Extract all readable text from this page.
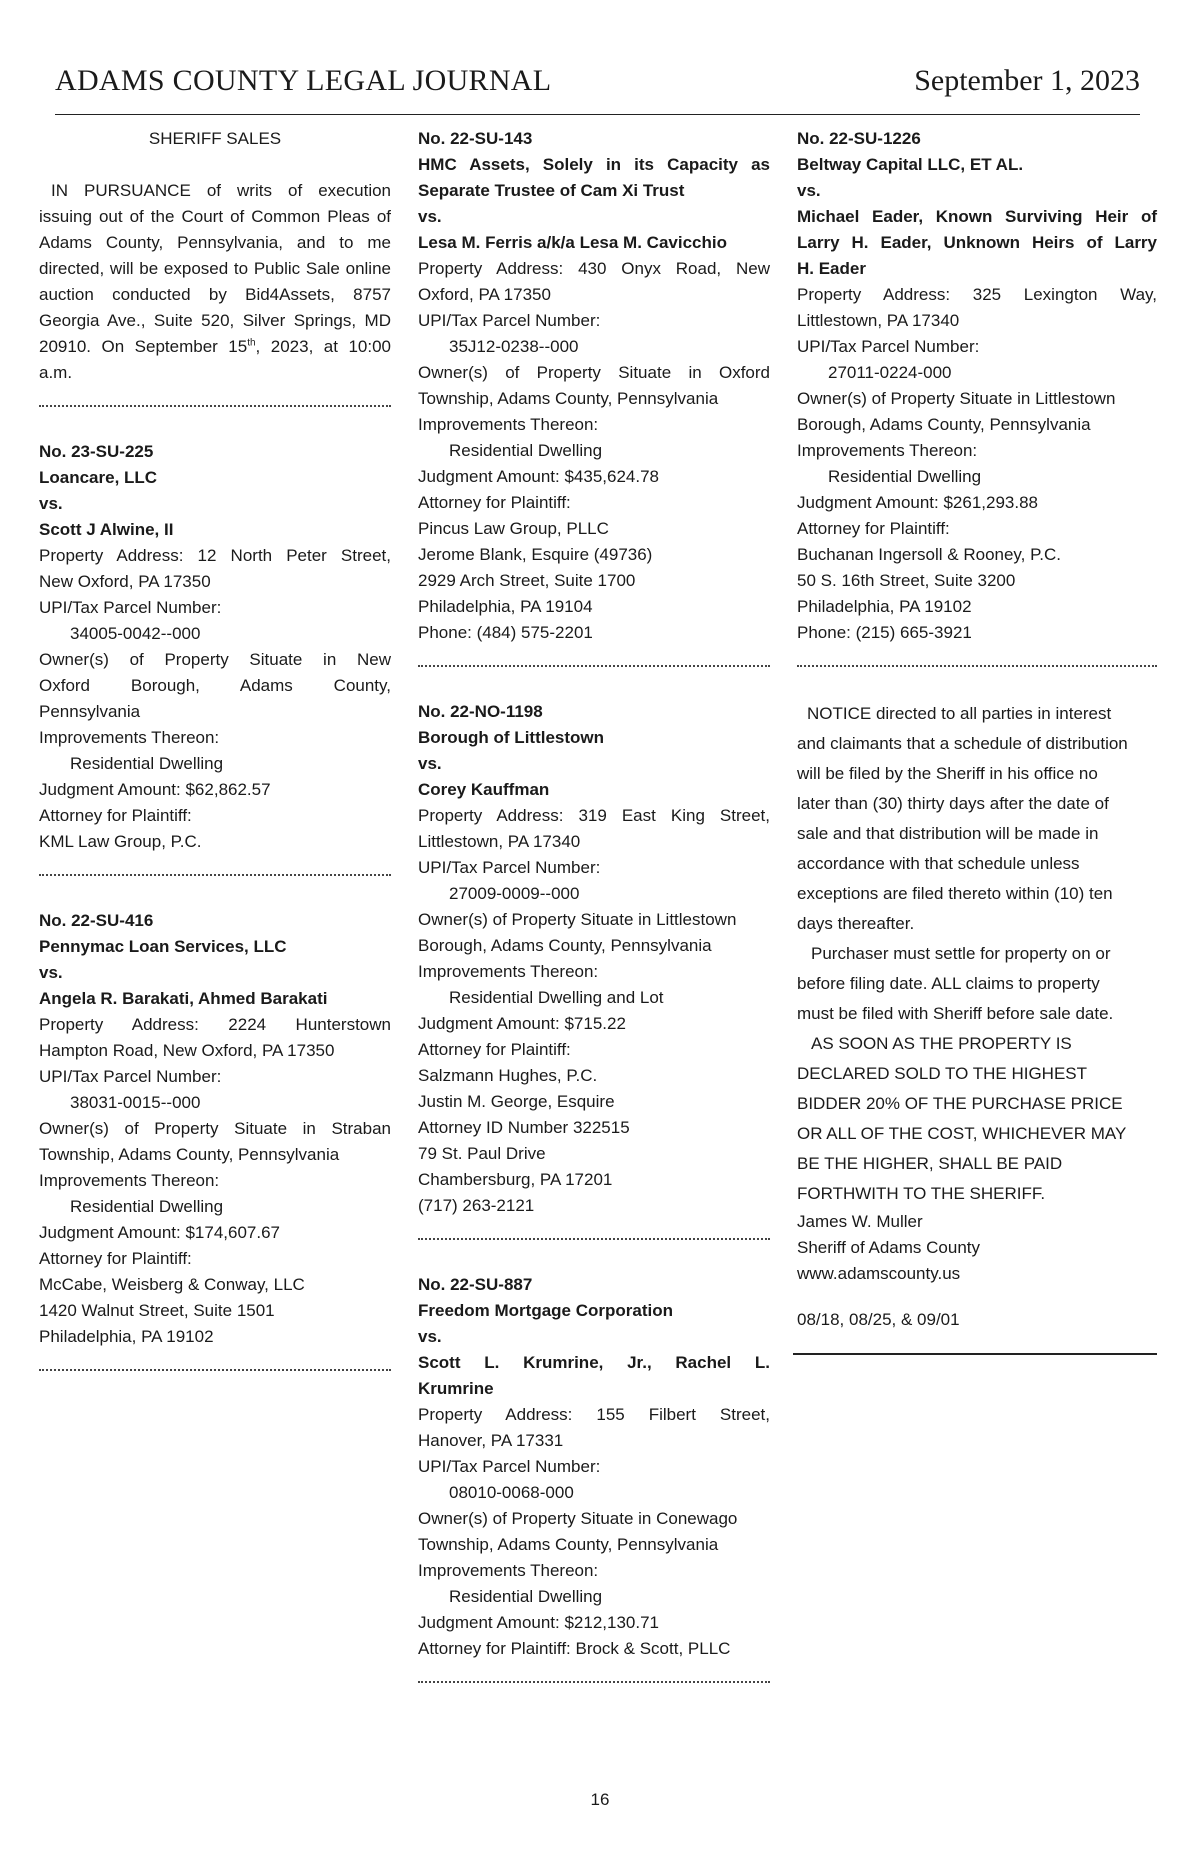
ADAMS COUNTY LEGAL JOURNAL	September 1, 2023
SHERIFF SALES

IN PURSUANCE of writs of execution issuing out of the Court of Common Pleas of Adams County, Pennsylvania, and to me directed, will be exposed to Public Sale online auction conducted by Bid4Assets, 8757 Georgia Ave., Suite 520, Silver Springs, MD 20910. On September 15th, 2023, at 10:00 a.m.
No. 23-SU-225
Loancare, LLC
vs.
Scott J Alwine, II
Property Address: 12 North Peter Street,
New Oxford, PA 17350
UPI/Tax Parcel Number:
34005-0042--000
Owner(s) of Property Situate in New
Oxford Borough, Adams County,
Pennsylvania
Improvements Thereon:
Residential Dwelling
Judgment Amount: $62,862.57
Attorney for Plaintiff:
KML Law Group, P.C.
No. 22-SU-416
Pennymac Loan Services, LLC
vs.
Angela R. Barakati, Ahmed Barakati
Property Address: 2224 Hunterstown
Hampton Road, New Oxford, PA 17350
UPI/Tax Parcel Number:
38031-0015--000
Owner(s) of Property Situate in Straban
Township, Adams County, Pennsylvania
Improvements Thereon:
Residential Dwelling
Judgment Amount: $174,607.67
Attorney for Plaintiff:
McCabe, Weisberg & Conway, LLC
1420 Walnut Street, Suite 1501
Philadelphia, PA 19102
No. 22-SU-143
HMC Assets, Solely in its Capacity as
Separate Trustee of Cam Xi Trust
vs.
Lesa M. Ferris a/k/a Lesa M. Cavicchio
Property Address: 430 Onyx Road, New
Oxford, PA 17350
UPI/Tax Parcel Number:
35J12-0238--000
Owner(s) of Property Situate in Oxford
Township, Adams County, Pennsylvania
Improvements Thereon:
Residential Dwelling
Judgment Amount: $435,624.78
Attorney for Plaintiff:
Pincus Law Group, PLLC
Jerome Blank, Esquire (49736)
2929 Arch Street, Suite 1700
Philadelphia, PA 19104
Phone: (484) 575-2201
No. 22-NO-1198
Borough of Littlestown
vs.
Corey Kauffman
Property Address: 319 East King Street,
Littlestown, PA 17340
UPI/Tax Parcel Number:
27009-0009--000
Owner(s) of Property Situate in Littlestown
Borough, Adams County, Pennsylvania
Improvements Thereon:
Residential Dwelling and Lot
Judgment Amount: $715.22
Attorney for Plaintiff:
Salzmann Hughes, P.C.
Justin M. George, Esquire
Attorney ID Number 322515
79 St. Paul Drive
Chambersburg, PA 17201
(717) 263-2121
No. 22-SU-887
Freedom Mortgage Corporation
vs.
Scott L. Krumrine, Jr., Rachel L.
Krumrine
Property Address: 155 Filbert Street,
Hanover, PA 17331
UPI/Tax Parcel Number:
08010-0068-000
Owner(s) of Property Situate in Conewago
Township, Adams County, Pennsylvania
Improvements Thereon:
Residential Dwelling
Judgment Amount: $212,130.71
Attorney for Plaintiff: Brock & Scott, PLLC
No. 22-SU-1226
Beltway Capital LLC, ET AL.
vs.
Michael Eader, Known Surviving Heir of
Larry H. Eader, Unknown Heirs of Larry
H. Eader
Property Address: 325 Lexington Way,
Littlestown, PA 17340
UPI/Tax Parcel Number:
27011-0224-000
Owner(s) of Property Situate in Littlestown
Borough, Adams County, Pennsylvania
Improvements Thereon:
Residential Dwelling
Judgment Amount: $261,293.88
Attorney for Plaintiff:
Buchanan Ingersoll & Rooney, P.C.
50 S. 16th Street, Suite 3200
Philadelphia, PA 19102
Phone: (215) 665-3921
NOTICE directed to all parties in interest
and claimants that a schedule of distribution
will be filed by the Sheriff in his office no
later than (30) thirty days after the date of
sale and that distribution will be made in
accordance with that schedule unless
exceptions are filed thereto within (10) ten
days thereafter.
Purchaser must settle for property on or
before filing date. ALL claims to property
must be filed with Sheriff before sale date.
AS SOON AS THE PROPERTY IS
DECLARED SOLD TO THE HIGHEST
BIDDER 20% OF THE PURCHASE PRICE
OR ALL OF THE COST, WHICHEVER MAY
BE THE HIGHER, SHALL BE PAID
FORTHWITH TO THE SHERIFF.
James W. Muller
Sheriff of Adams County
www.adamscounty.us
08/18, 08/25, & 09/01
16
